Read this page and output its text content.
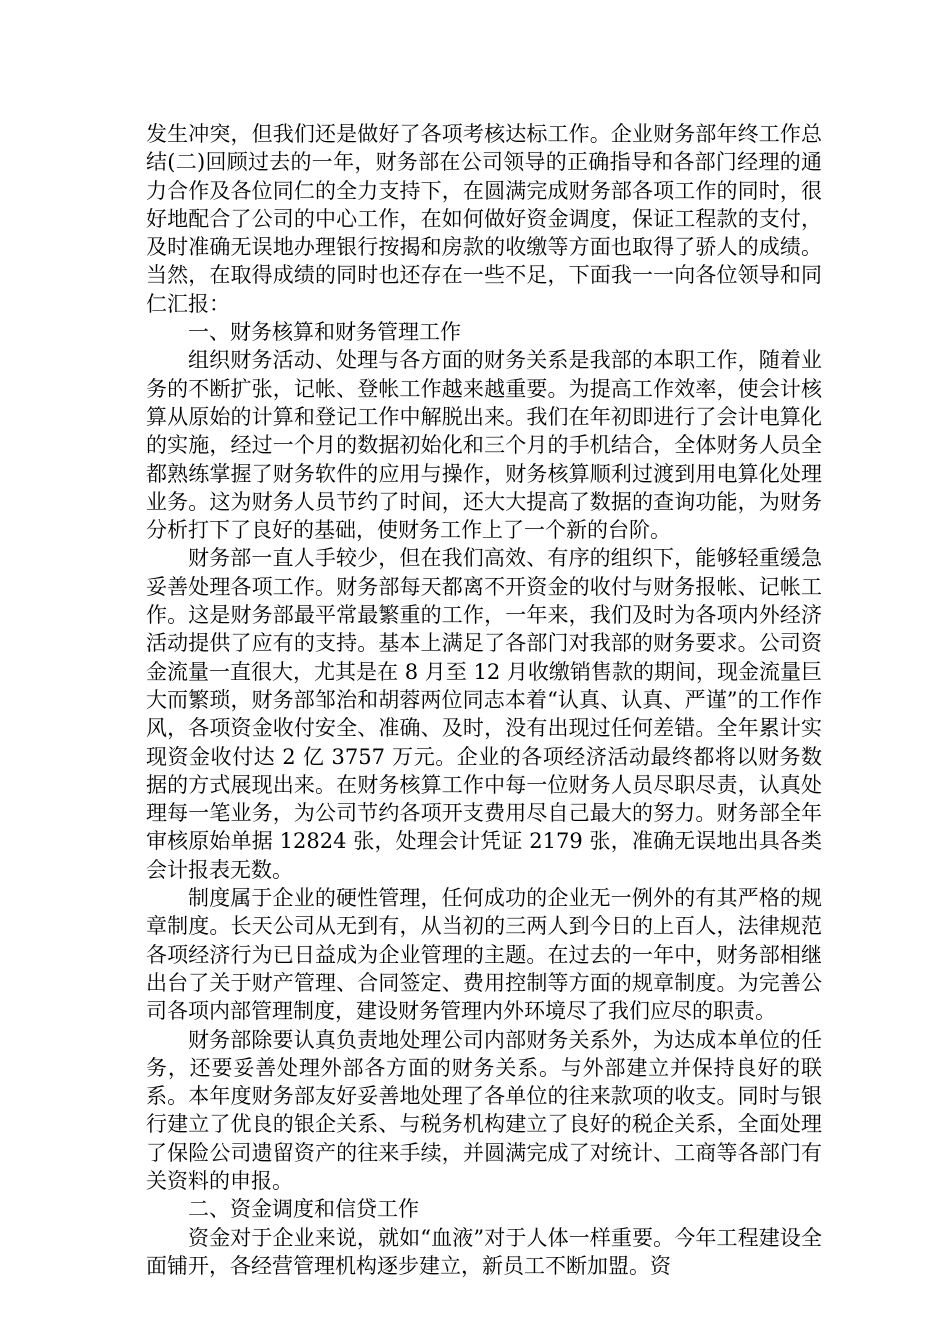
发生冲突，但我们还是做好了各项考核达标工作。企业财务部年终工作总结(二)回顾过去的一年，财务部在公司领导的正确指导和各部门经理的通力合作及各位同仁的全力支持下，在圆满完成财务部各项工作的同时，很好地配合了公司的中心工作，在如何做好资金调度，保证工程款的支付，及时准确无误地办理银行按揭和房款的收缴等方面也取得了骄人的成绩。当然，在取得成绩的同时也还存在一些不足，下面我一一向各位领导和同仁汇报：

一、财务核算和财务管理工作

组织财务活动、处理与各方面的财务关系是我部的本职工作，随着业务的不断扩张，记帐、登帐工作越来越重要。为提高工作效率，使会计核算从原始的计算和登记工作中解脱出来。我们在年初即进行了会计电算化的实施，经过一个月的数据初始化和三个月的手机结合，全体财务人员全都熟练掌握了财务软件的应用与操作，财务核算顺利过渡到用电算化处理业务。这为财务人员节约了时间，还大大提高了数据的查询功能，为财务分析打下了良好的基础，使财务工作上了一个新的台阶。

财务部一直人手较少，但在我们高效、有序的组织下，能够轻重缓急妥善处理各项工作。财务部每天都离不开资金的收付与财务报帐、记帐工作。这是财务部最平常最繁重的工作，一年来，我们及时为各项内外经济活动提供了应有的支持。基本上满足了各部门对我部的财务要求。公司资金流量一直很大，尤其是在 8 月至 12 月收缴销售款的期间，现金流量巨大而繁琐，财务部邹治和胡蓉两位同志本着“认真、认真、严谨”的工作作风，各项资金收付安全、准确、及时，没有出现过任何差错。全年累计实现资金收付达 2 亿 3757 万元。企业的各项经济活动最终都将以财务数据的方式展现出来。在财务核算工作中每一位财务人员尽职尽责，认真处理每一笔业务，为公司节约各项开支费用尽自己最大的努力。财务部全年审核原始单据 12824 张，处理会计凭证 2179 张，准确无误地出具各类会计报表无数。

制度属于企业的硬性管理，任何成功的企业无一例外的有其严格的规章制度。长天公司从无到有，从当初的三两人到今日的上百人，法律规范各项经济行为已日益成为企业管理的主题。在过去的一年中，财务部相继出台了关于财产管理、合同签定、费用控制等方面的规章制度。为完善公司各项内部管理制度，建设财务管理内外环境尽了我们应尽的职责。

财务部除要认真负责地处理公司内部财务关系外，为达成本单位的任务，还要妥善处理外部各方面的财务关系。与外部建立并保持良好的联系。本年度财务部友好妥善地处理了各单位的往来款项的收支。同时与银行建立了优良的银企关系、与税务机构建立了良好的税企关系，全面处理了保险公司遗留资产的往来手续，并圆满完成了对统计、工商等各部门有关资料的申报。

二、资金调度和信贷工作

资金对于企业来说，就如“血液”对于人体一样重要。今年工程建设全面铺开，各经营管理机构逐步建立，新员工不断加盟。资
